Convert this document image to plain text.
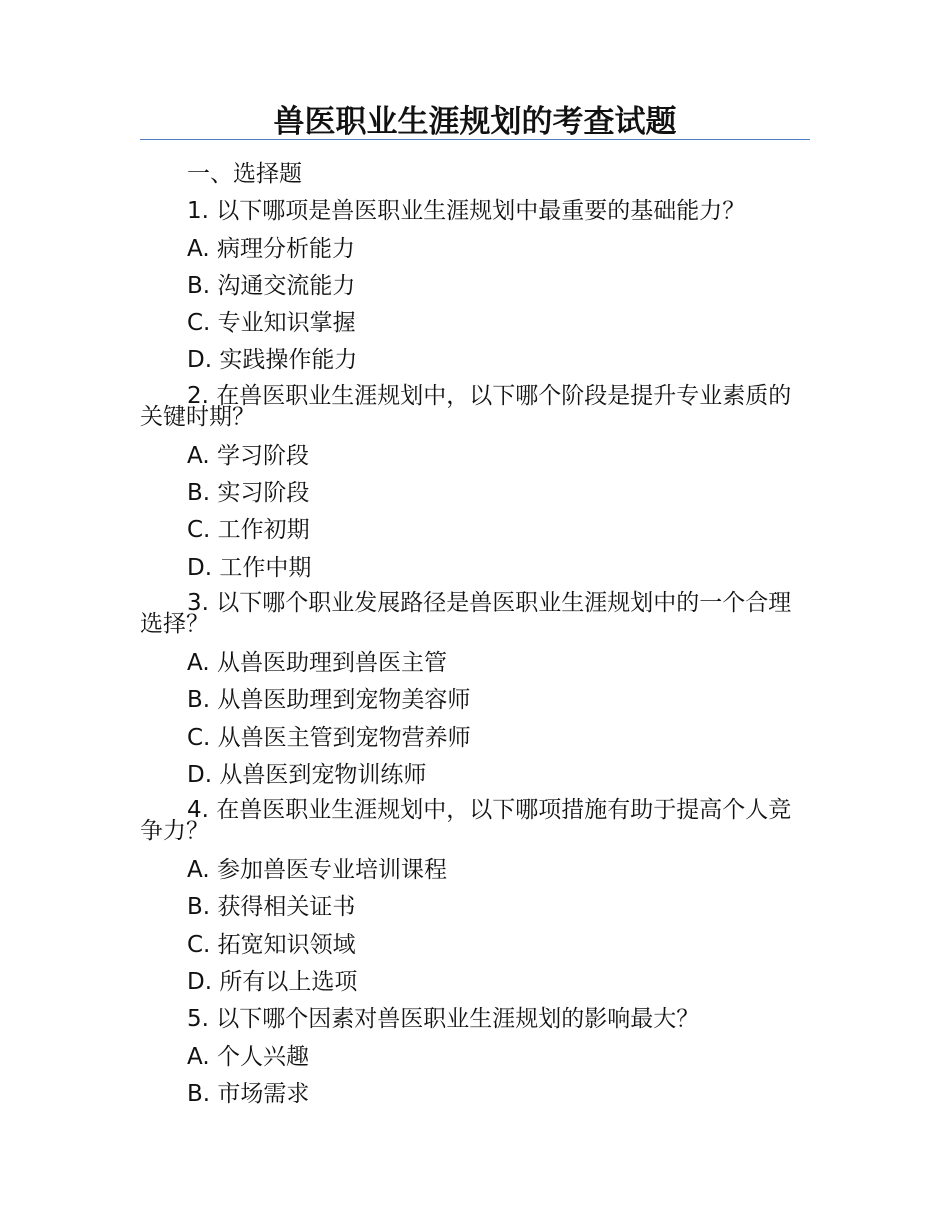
兽医职业生涯规划的考查试题
一、选择题
1. 以下哪项是兽医职业生涯规划中最重要的基础能力？
A. 病理分析能力
B. 沟通交流能力
C. 专业知识掌握
D. 实践操作能力
2. 在兽医职业生涯规划中，以下哪个阶段是提升专业素质的关键时期？
A. 学习阶段
B. 实习阶段
C. 工作初期
D. 工作中期
3. 以下哪个职业发展路径是兽医职业生涯规划中的一个合理选择？
A. 从兽医助理到兽医主管
B. 从兽医助理到宠物美容师
C. 从兽医主管到宠物营养师
D. 从兽医到宠物训练师
4. 在兽医职业生涯规划中，以下哪项措施有助于提高个人竞争力？
A. 参加兽医专业培训课程
B. 获得相关证书
C. 拓宽知识领域
D. 所有以上选项
5. 以下哪个因素对兽医职业生涯规划的影响最大？
A. 个人兴趣
B. 市场需求
